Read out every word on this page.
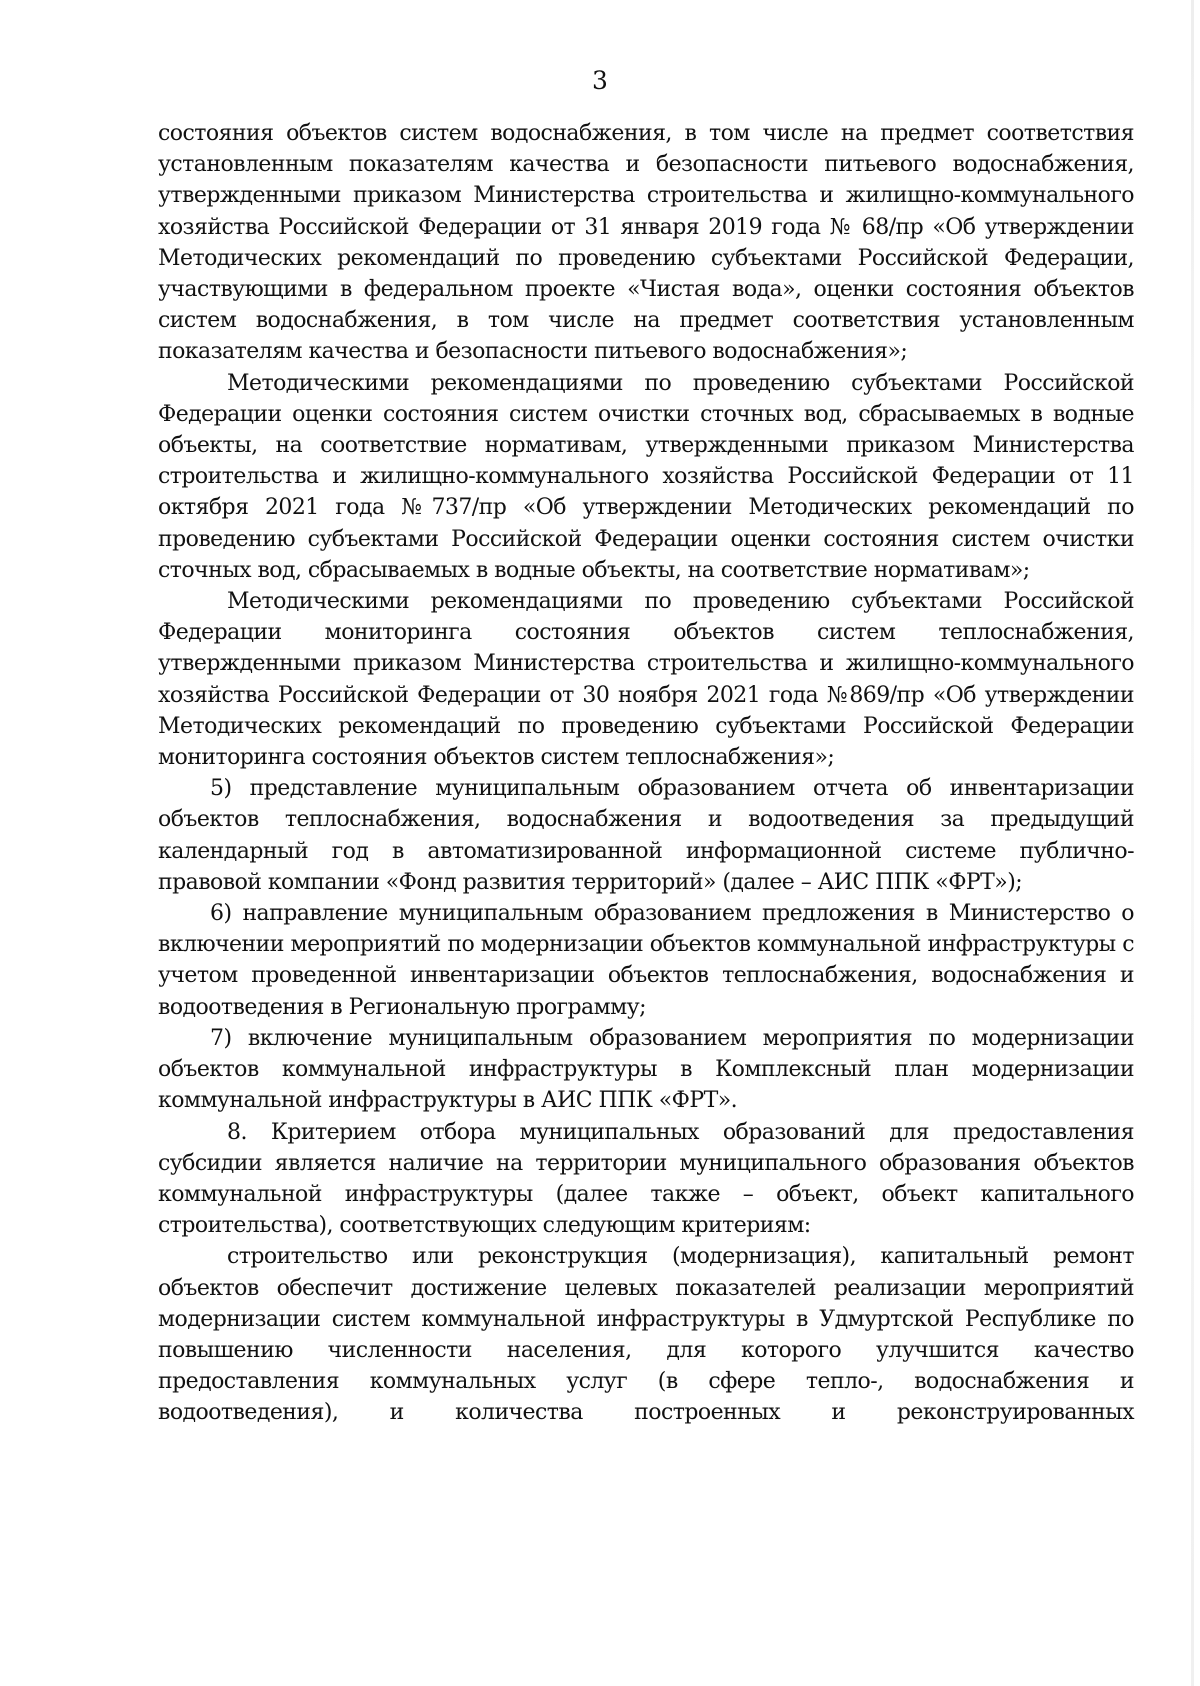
3

состояния объектов систем водоснабжения, в том числе на предмет соответствия установленным показателям качества и безопасности питьевого водоснабжения, утвержденными приказом Министерства строительства и жилищно-коммунального хозяйства Российской Федерации от 31 января 2019 года № 68/пр «Об утверждении Методических рекомендаций по проведению субъектами Российской Федерации, участвующими в федеральном проекте «Чистая вода», оценки состояния объектов систем водоснабжения, в том числе на предмет соответствия установленным показателям качества и безопасности питьевого водоснабжения»;

Методическими рекомендациями по проведению субъектами Российской Федерации оценки состояния систем очистки сточных вод, сбрасываемых в водные объекты, на соответствие нормативам, утвержденными приказом Министерства строительства и жилищно-коммунального хозяйства Российской Федерации от 11 октября 2021 года №737/пр «Об утверждении Методических рекомендаций по проведению субъектами Российской Федерации оценки состояния систем очистки сточных вод, сбрасываемых в водные объекты, на соответствие нормативам»;

Методическими рекомендациями по проведению субъектами Российской Федерации мониторинга состояния объектов систем теплоснабжения, утвержденными приказом Министерства строительства и жилищно-коммунального хозяйства Российской Федерации от 30 ноября 2021 года №869/пр «Об утверждении Методических рекомендаций по проведению субъектами Российской Федерации мониторинга состояния объектов систем теплоснабжения»;

5) представление муниципальным образованием отчета об инвентаризации объектов теплоснабжения, водоснабжения и водоотведения за предыдущий календарный год в автоматизированной информационной системе публично-правовой компании «Фонд развития территорий» (далее – АИС ППК «ФРТ»);

6) направление муниципальным образованием предложения в Министерство о включении мероприятий по модернизации объектов коммунальной инфраструктуры с учетом проведенной инвентаризации объектов теплоснабжения, водоснабжения и водоотведения в Региональную программу;

7) включение муниципальным образованием мероприятия по модернизации объектов коммунальной инфраструктуры в Комплексный план модернизации коммунальной инфраструктуры в АИС ППК «ФРТ».

8. Критерием отбора муниципальных образований для предоставления субсидии является наличие на территории муниципального образования объектов коммунальной инфраструктуры (далее также – объект, объект капитального строительства), соответствующих следующим критериям:

строительство или реконструкция (модернизация), капитальный ремонт объектов обеспечит достижение целевых показателей реализации мероприятий модернизации систем коммунальной инфраструктуры в Удмуртской Республике по повышению численности населения, для которого улучшится качество предоставления коммунальных услуг (в сфере тепло-, водоснабжения и водоотведения), и количества построенных и реконструированных
